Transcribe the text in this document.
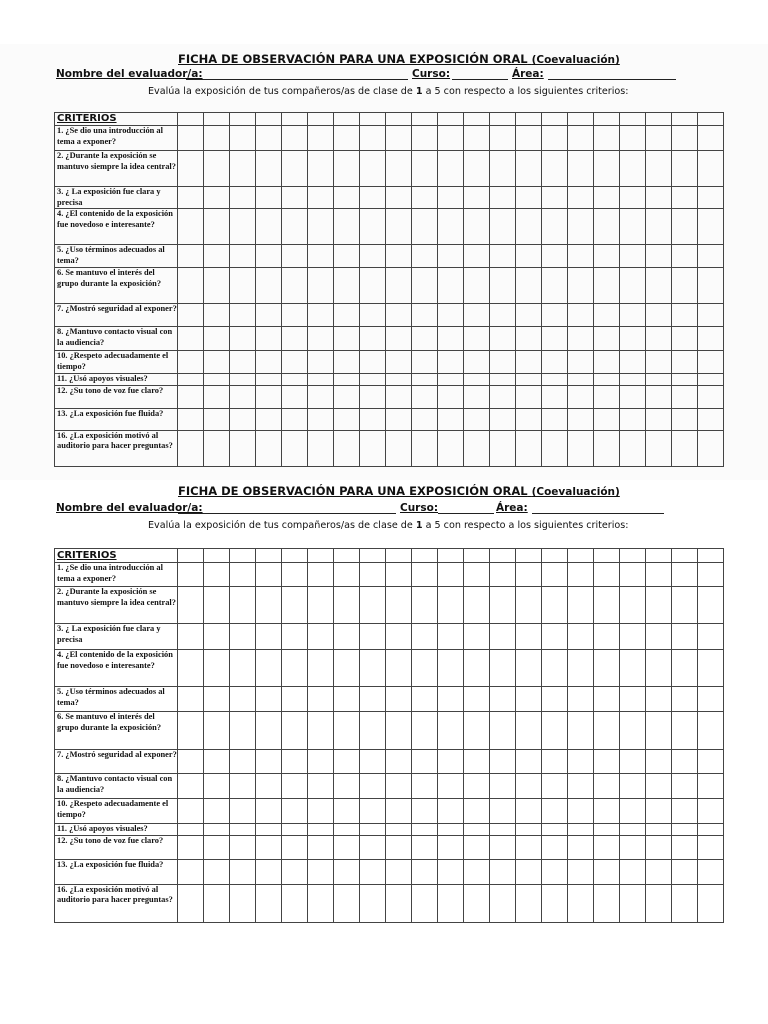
FICHA DE OBSERVACIÓN PARA UNA EXPOSICIÓN ORAL (Coevaluación)
Nombre del evaluador/a:	Curso:	Área:
Evalúa la exposición de tus compañeros/as de clase de 1 a 5 con respecto a los siguientes criterios:
CRITERIOS																					
1. ¿Se dio una introducción al tema a exponer?																					
2. ¿Durante la exposición se mantuvo siempre la idea central?																					
3. ¿ La exposición fue clara y precisa																					
4. ¿El contenido de la exposición fue novedoso e interesante?																					
5. ¿Uso términos adecuados al tema?																					
6. Se mantuvo el interés del grupo durante la exposición?																					
7. ¿Mostró seguridad al exponer?																					
8. ¿Mantuvo contacto visual con la audiencia?																					
10. ¿Respeto adecuadamente el tiempo?																					
11. ¿Usó apoyos visuales?																					
12. ¿Su tono de voz fue claro?																					
13. ¿La exposición fue fluida?																					
16. ¿La exposición motivó al auditorio para hacer preguntas?																					
FICHA DE OBSERVACIÓN PARA UNA EXPOSICIÓN ORAL (Coevaluación)
Nombre del evaluador/a:	Curso:	Área:
Evalúa la exposición de tus compañeros/as de clase de 1 a 5 con respecto a los siguientes criterios:
CRITERIOS																					
1. ¿Se dio una introducción al tema a exponer?																					
2. ¿Durante la exposición se mantuvo siempre la idea central?																					
3. ¿ La exposición fue clara y precisa																					
4. ¿El contenido de la exposición fue novedoso e interesante?																					
5. ¿Uso términos adecuados al tema?																					
6. Se mantuvo el interés del grupo durante la exposición?																					
7. ¿Mostró seguridad al exponer?																					
8. ¿Mantuvo contacto visual con la audiencia?																					
10. ¿Respeto adecuadamente el tiempo?																					
11. ¿Usó apoyos visuales?																					
12. ¿Su tono de voz fue claro?																					
13. ¿La exposición fue fluida?																					
16. ¿La exposición motivó al auditorio para hacer preguntas?																					
